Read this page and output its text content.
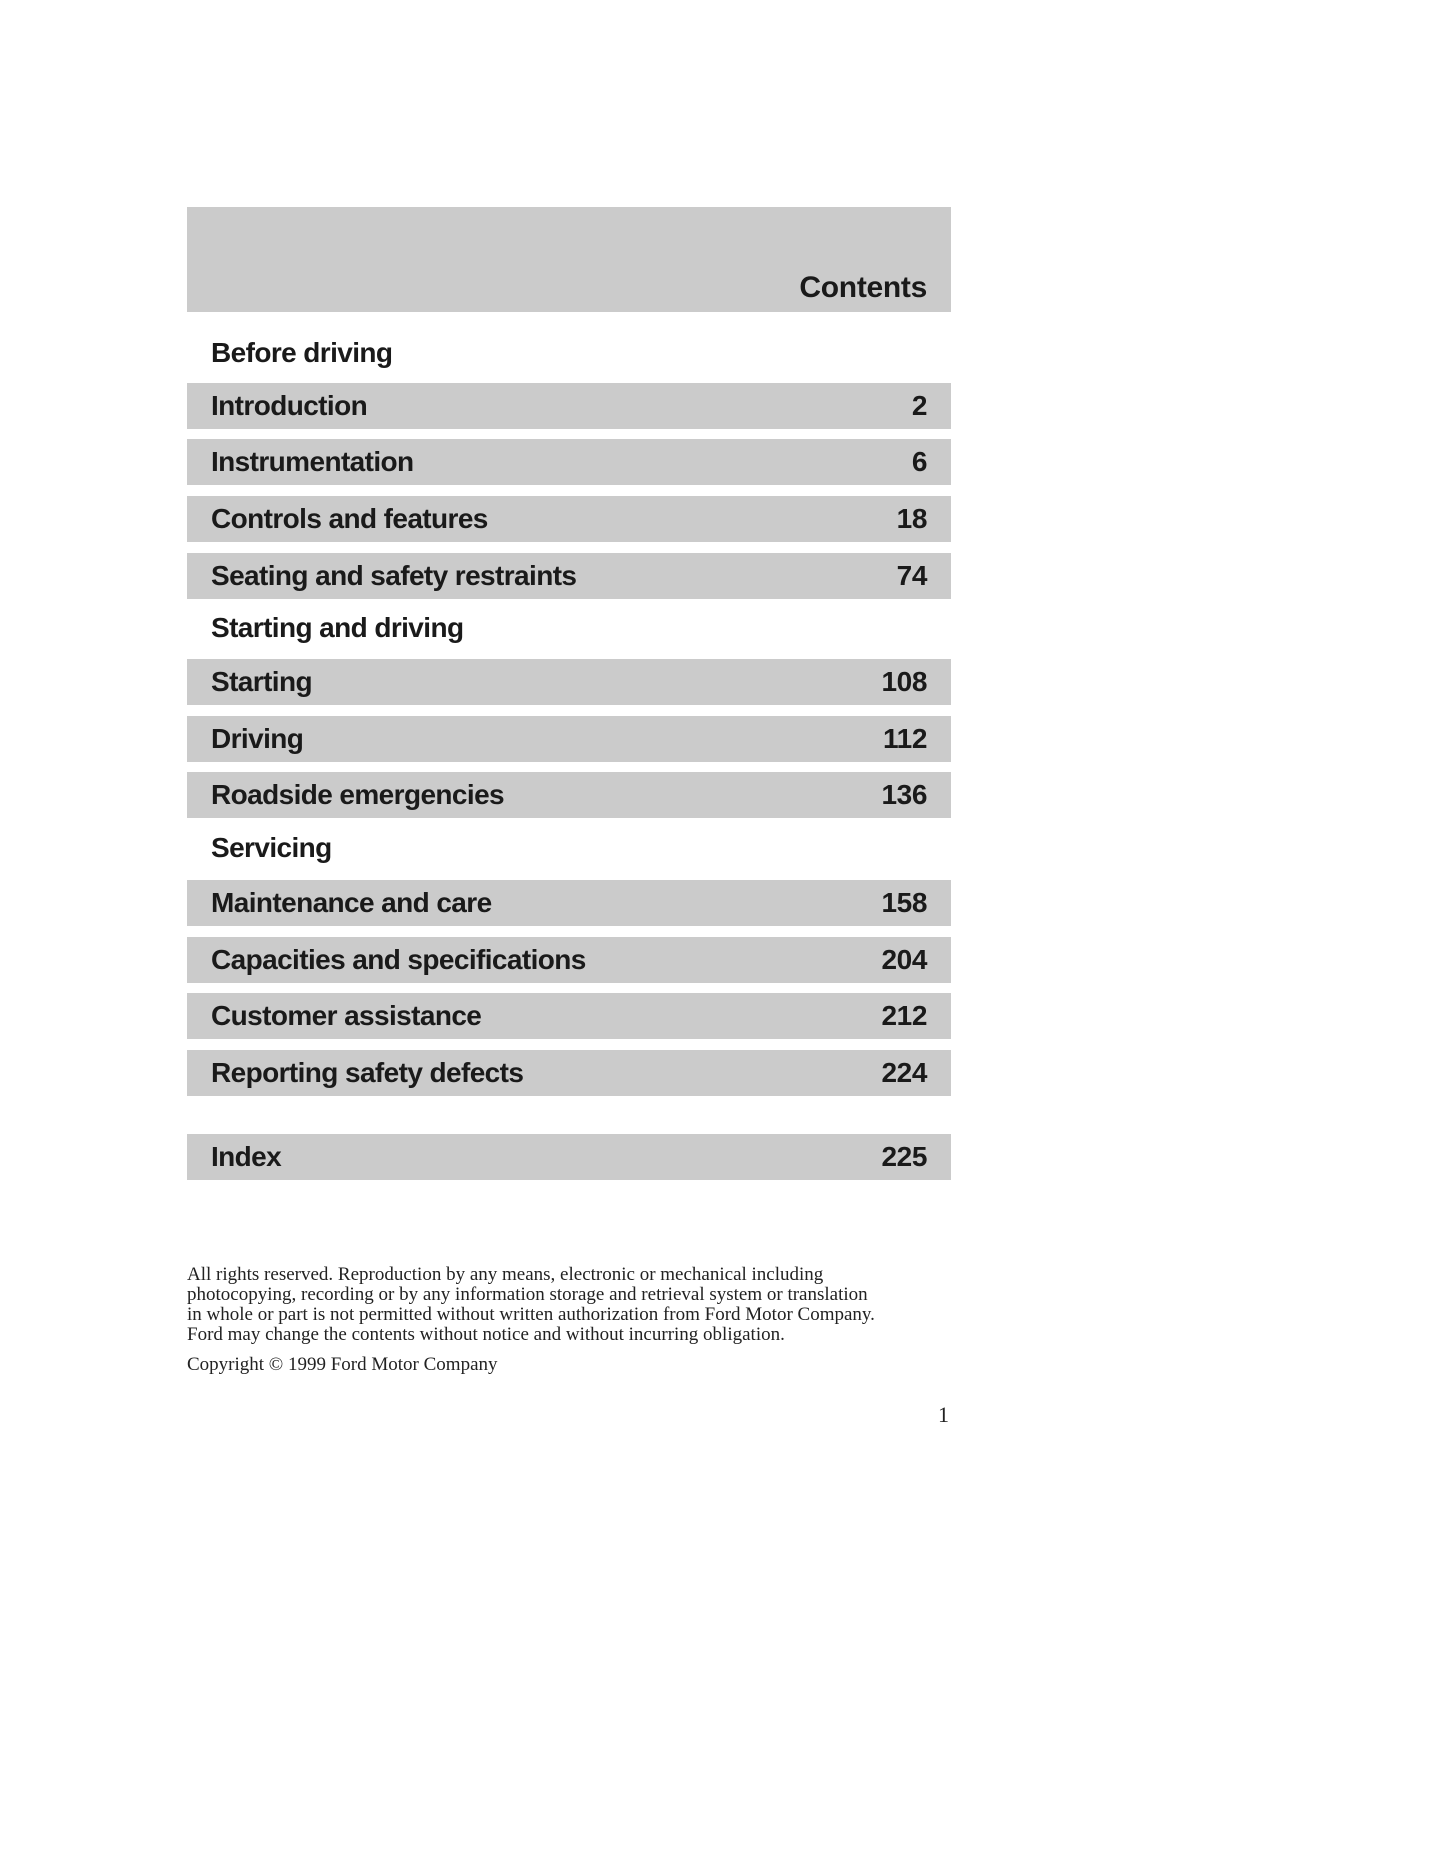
Contents
Before driving
Introduction	2
Instrumentation	6
Controls and features	18
Seating and safety restraints	74
Starting and driving
Starting	108
Driving	112
Roadside emergencies	136
Servicing
Maintenance and care	158
Capacities and specifications	204
Customer assistance	212
Reporting safety defects	224
Index	225
All rights reserved. Reproduction by any means, electronic or mechanical including
photocopying, recording or by any information storage and retrieval system or translation
in whole or part is not permitted without written authorization from Ford Motor Company.
Ford may change the contents without notice and without incurring obligation.
Copyright © 1999 Ford Motor Company
1
